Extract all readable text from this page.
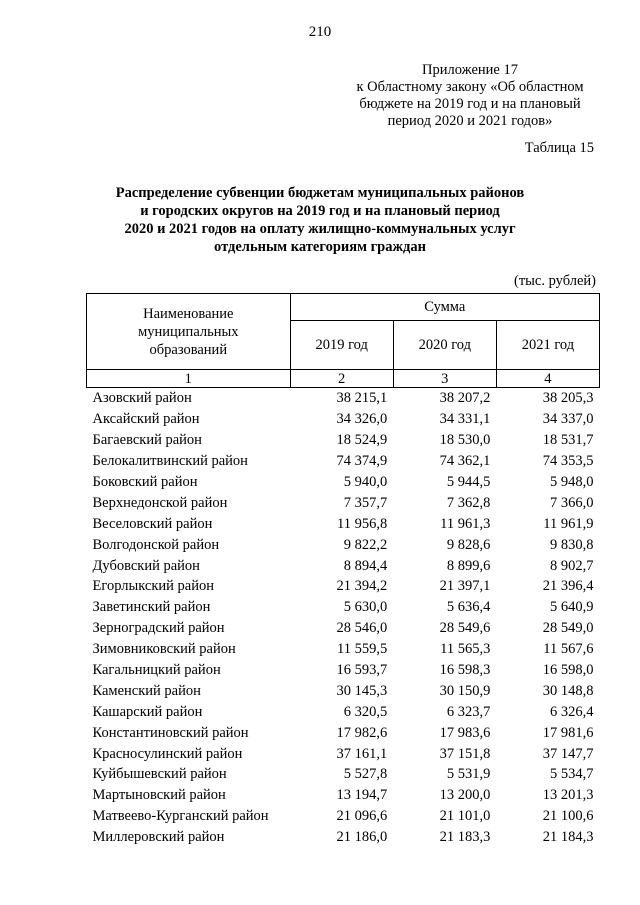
210
Приложение 17
к Областному закону «Об областном
бюджете на 2019 год и на плановый
период 2020 и 2021 годов»
Таблица 15
Распределение субвенции бюджетам муниципальных районов
и городских округов на 2019 год и на плановый период
2020 и 2021 годов на оплату жилищно-коммунальных услуг
отдельным категориям граждан
(тыс. рублей)
Наименование
муниципальных
образований	Сумма		
	2019 год	2020 год	2021 год
1	2	3	4
Азовский район	38 215,1	38 207,2	38 205,3
Аксайский район	34 326,0	34 331,1	34 337,0
Багаевский район	18 524,9	18 530,0	18 531,7
Белокалитвинский район	74 374,9	74 362,1	74 353,5
Боковский район	5 940,0	5 944,5	5 948,0
Верхнедонской район	7 357,7	7 362,8	7 366,0
Веселовский район	11 956,8	11 961,3	11 961,9
Волгодонской район	9 822,2	9 828,6	9 830,8
Дубовский район	8 894,4	8 899,6	8 902,7
Егорлыкский район	21 394,2	21 397,1	21 396,4
Заветинский район	5 630,0	5 636,4	5 640,9
Зерноградский район	28 546,0	28 549,6	28 549,0
Зимовниковский район	11 559,5	11 565,3	11 567,6
Кагальницкий район	16 593,7	16 598,3	16 598,0
Каменский район	30 145,3	30 150,9	30 148,8
Кашарский район	6 320,5	6 323,7	6 326,4
Константиновский район	17 982,6	17 983,6	17 981,6
Красносулинский район	37 161,1	37 151,8	37 147,7
Куйбышевский район	5 527,8	5 531,9	5 534,7
Мартыновский район	13 194,7	13 200,0	13 201,3
Матвеево-Курганский район	21 096,6	21 101,0	21 100,6
Миллеровский район	21 186,0	21 183,3	21 184,3
